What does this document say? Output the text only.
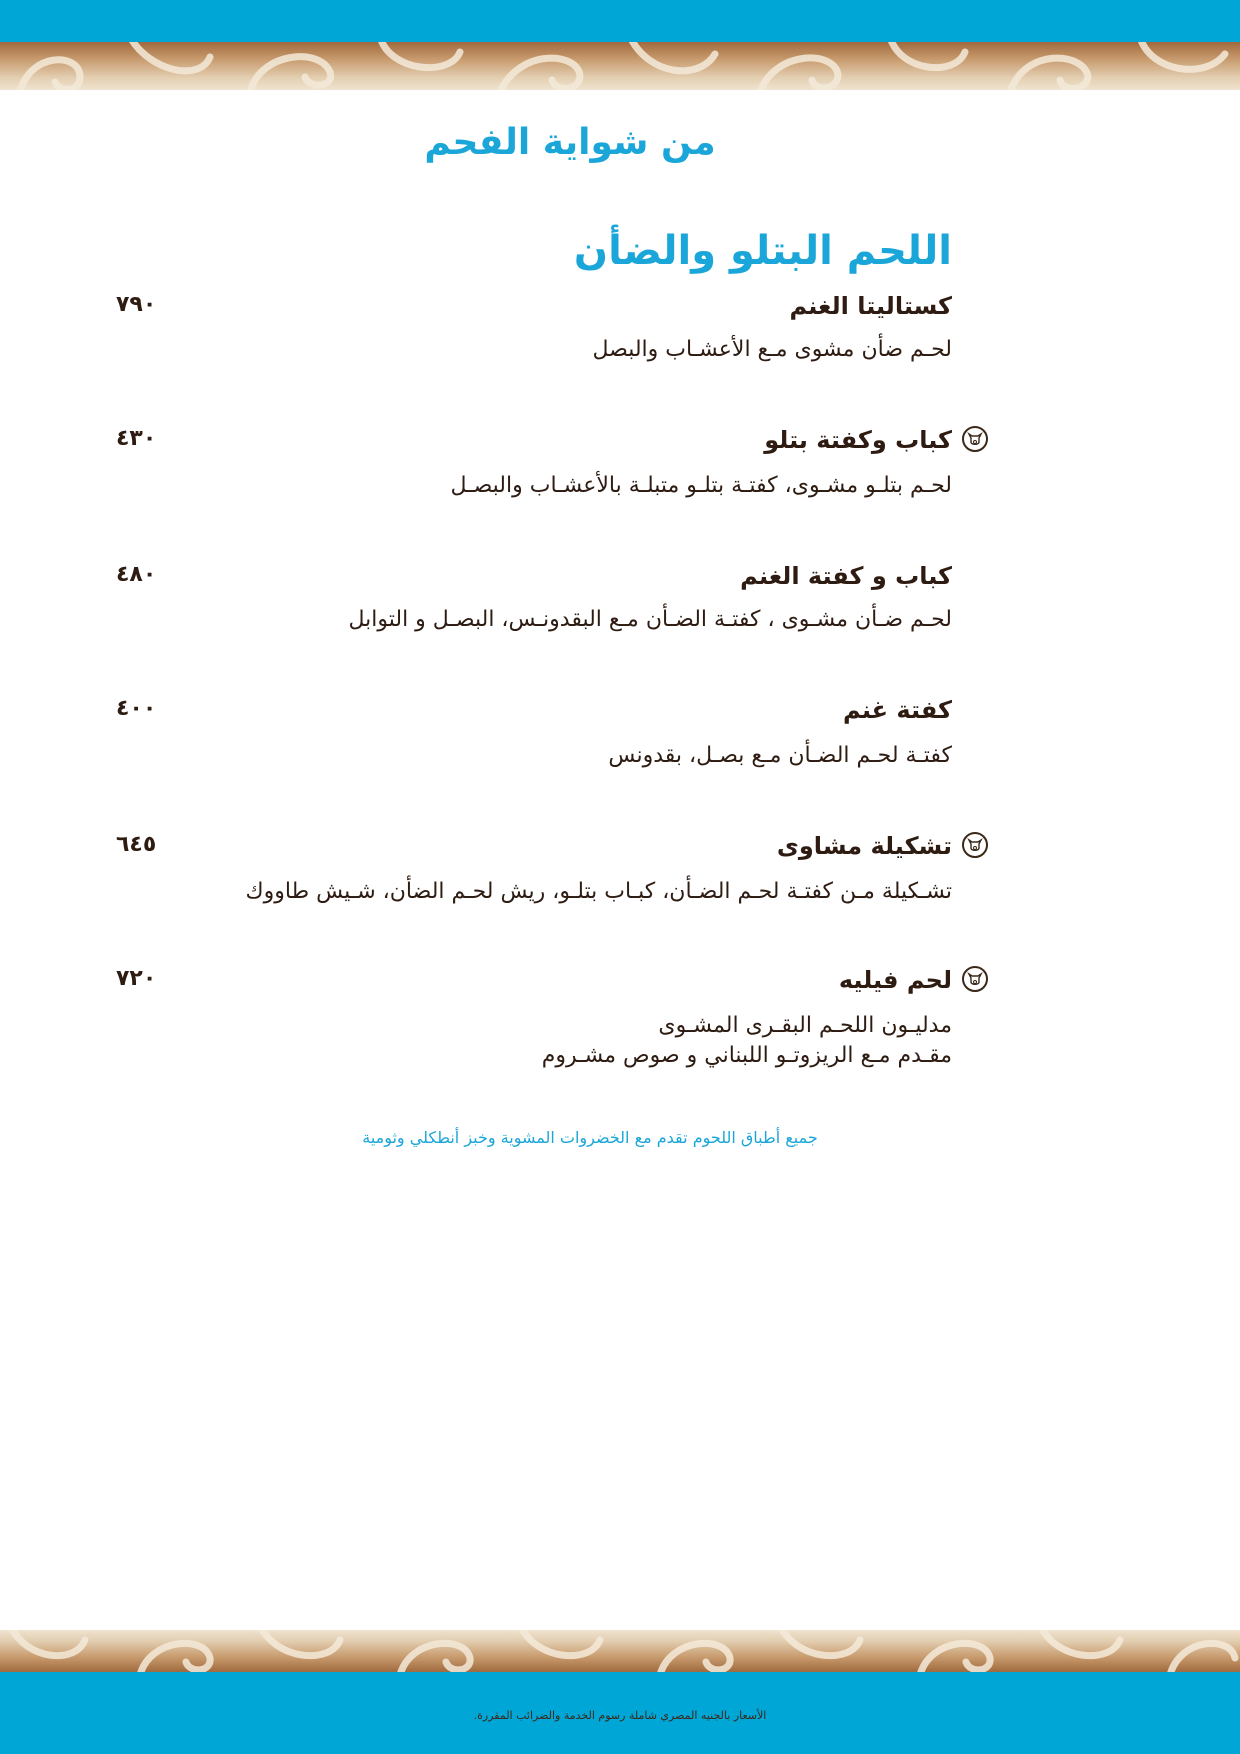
من شواية الفحم
اللحم البتلو والضأن
كستاليتا الغنم
٧٩٠
لحـم ضأن مشوى مـع الأعشـاب والبصل
كباب وكفتة بتلو
٤٣٠
لحـم بتلـو مشـوى، كفتـة بتلـو متبلـة بالأعشـاب والبصـل
كباب و كفتة الغنم
٤٨٠
لحـم ضـأن مشـوى ، كفتـة الضـأن مـع البقدونـس، البصـل و التوابل
كفتة غنم
٤٠٠
كفتـة لحـم الضـأن مـع بصـل، بقدونس
تشكيلة مشاوى
٦٤٥
تشـكيلة مـن كفتـة لحـم الضـأن، كبـاب بتلـو، ريش لحـم الضأن، شـيش طاووك
لحم فيليه
٧٢٠
مدليـون اللحـم البقـرى المشـوى
مقـدم مـع الريزوتـو اللبناني و صوص مشـروم
جميع أطباق اللحوم تقدم مع الخضروات المشوية وخبز أنطكلي وثومية
الأسعار بالجنيه المصري شاملة رسوم الخدمة والضرائب المقررة.
